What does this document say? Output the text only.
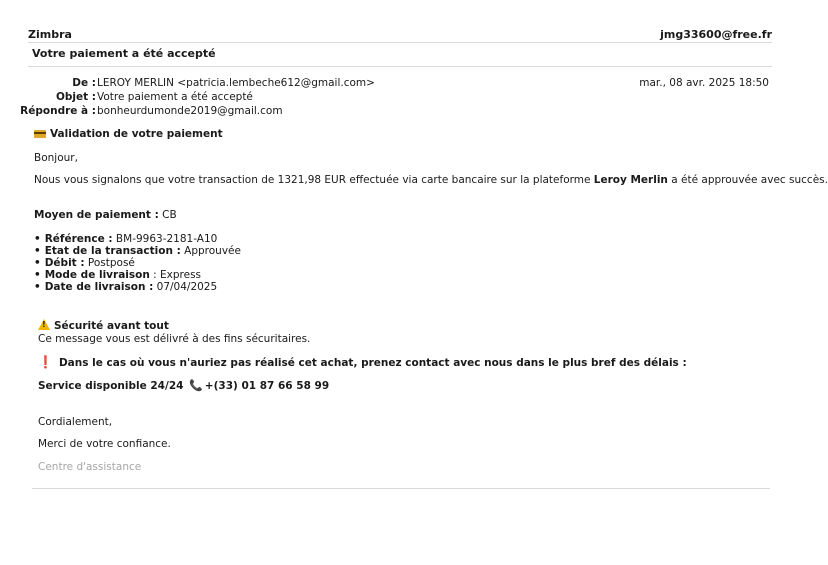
Zimbra	jmg33600@free.fr
Votre paiement a été accepté
De : LEROY MERLIN <patricia.lembeche612@gmail.com>
Objet : Votre paiement a été accepté
Répondre à : bonheurdumonde2019@gmail.com
mar., 08 avr. 2025 18:50
Validation de votre paiement
Bonjour,
Nous vous signalons que votre transaction de 1321,98 EUR effectuée via carte bancaire sur la plateforme Leroy Merlin a été approuvée avec succès.
Moyen de paiement : CB
• Référence : BM-9963-2181-A10
• Etat de la transaction : Approuvée
• Débit : Postposé
• Mode de livraison : Express
• Date de livraison : 07/04/2025
!Sécurité avant tout
Ce message vous est délivré à des fins sécuritaires.
❗ Dans le cas où vous n'auriez pas réalisé cet achat, prenez contact avec nous dans le plus bref des délais :
Service disponible 24/24 📞 +(33) 01 87 66 58 99
Cordialement,
Merci de votre confiance.
Centre d'assistance
